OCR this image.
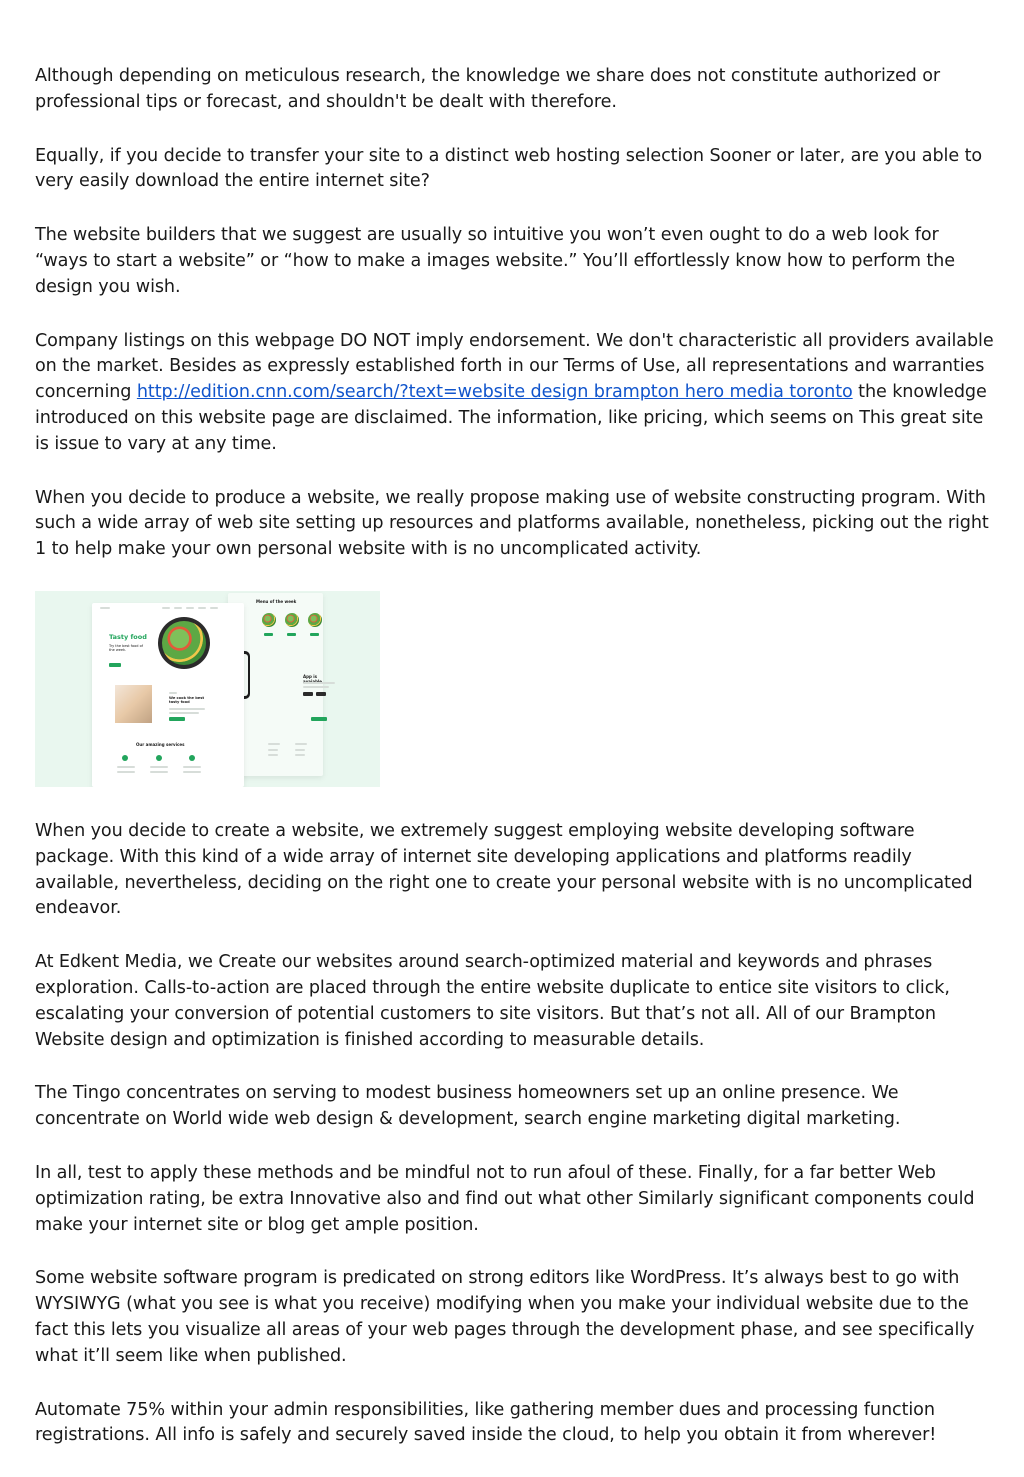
Although depending on meticulous research, the knowledge we share does not constitute authorized or professional tips or forecast, and shouldn't be dealt with therefore.

Equally, if you decide to transfer your site to a distinct web hosting selection Sooner or later, are you able to very easily download the entire internet site?

The website builders that we suggest are usually so intuitive you won’t even ought to do a web look for “ways to start a website” or “how to make a images website.” You’ll effortlessly know how to perform the design you wish.

Company listings on this webpage DO NOT imply endorsement. We don't characteristic all providers available on the market. Besides as expressly established forth in our Terms of Use, all representations and warranties concerning http://edition.cnn.com/search/?text=website design brampton hero media toronto the knowledge introduced on this website page are disclaimed. The information, like pricing, which seems on This great site is issue to vary at any time.

When you decide to produce a website, we really propose making use of website constructing program. With such a wide array of web site setting up resources and platforms available, nonetheless, picking out the right 1 to help make your own personal website with is no uncomplicated activity.

Menu of the week
App is
Tasty food
Try the best food of the week.
We cook the best tasty food
Our amazing services

When you decide to create a website, we extremely suggest employing website developing software package. With this kind of a wide array of internet site developing applications and platforms readily available, nevertheless, deciding on the right one to create your personal website with is no uncomplicated endeavor.

At Edkent Media, we Create our websites around search-optimized material and keywords and phrases exploration. Calls-to-action are placed through the entire website duplicate to entice site visitors to click, escalating your conversion of potential customers to site visitors. But that’s not all. All of our Brampton Website design and optimization is finished according to measurable details.

The Tingo concentrates on serving to modest business homeowners set up an online presence. We concentrate on World wide web design & development, search engine marketing digital marketing.

In all, test to apply these methods and be mindful not to run afoul of these. Finally, for a far better Web optimization rating, be extra Innovative also and find out what other Similarly significant components could make your internet site or blog get ample position.

Some website software program is predicated on strong editors like WordPress. It’s always best to go with WYSIWYG (what you see is what you receive) modifying when you make your individual website due to the fact this lets you visualize all areas of your web pages through the development phase, and see specifically what it’ll seem like when published.

Automate 75% within your admin responsibilities, like gathering member dues and processing function registrations. All info is safely and securely saved inside the cloud, to help you obtain it from wherever!
